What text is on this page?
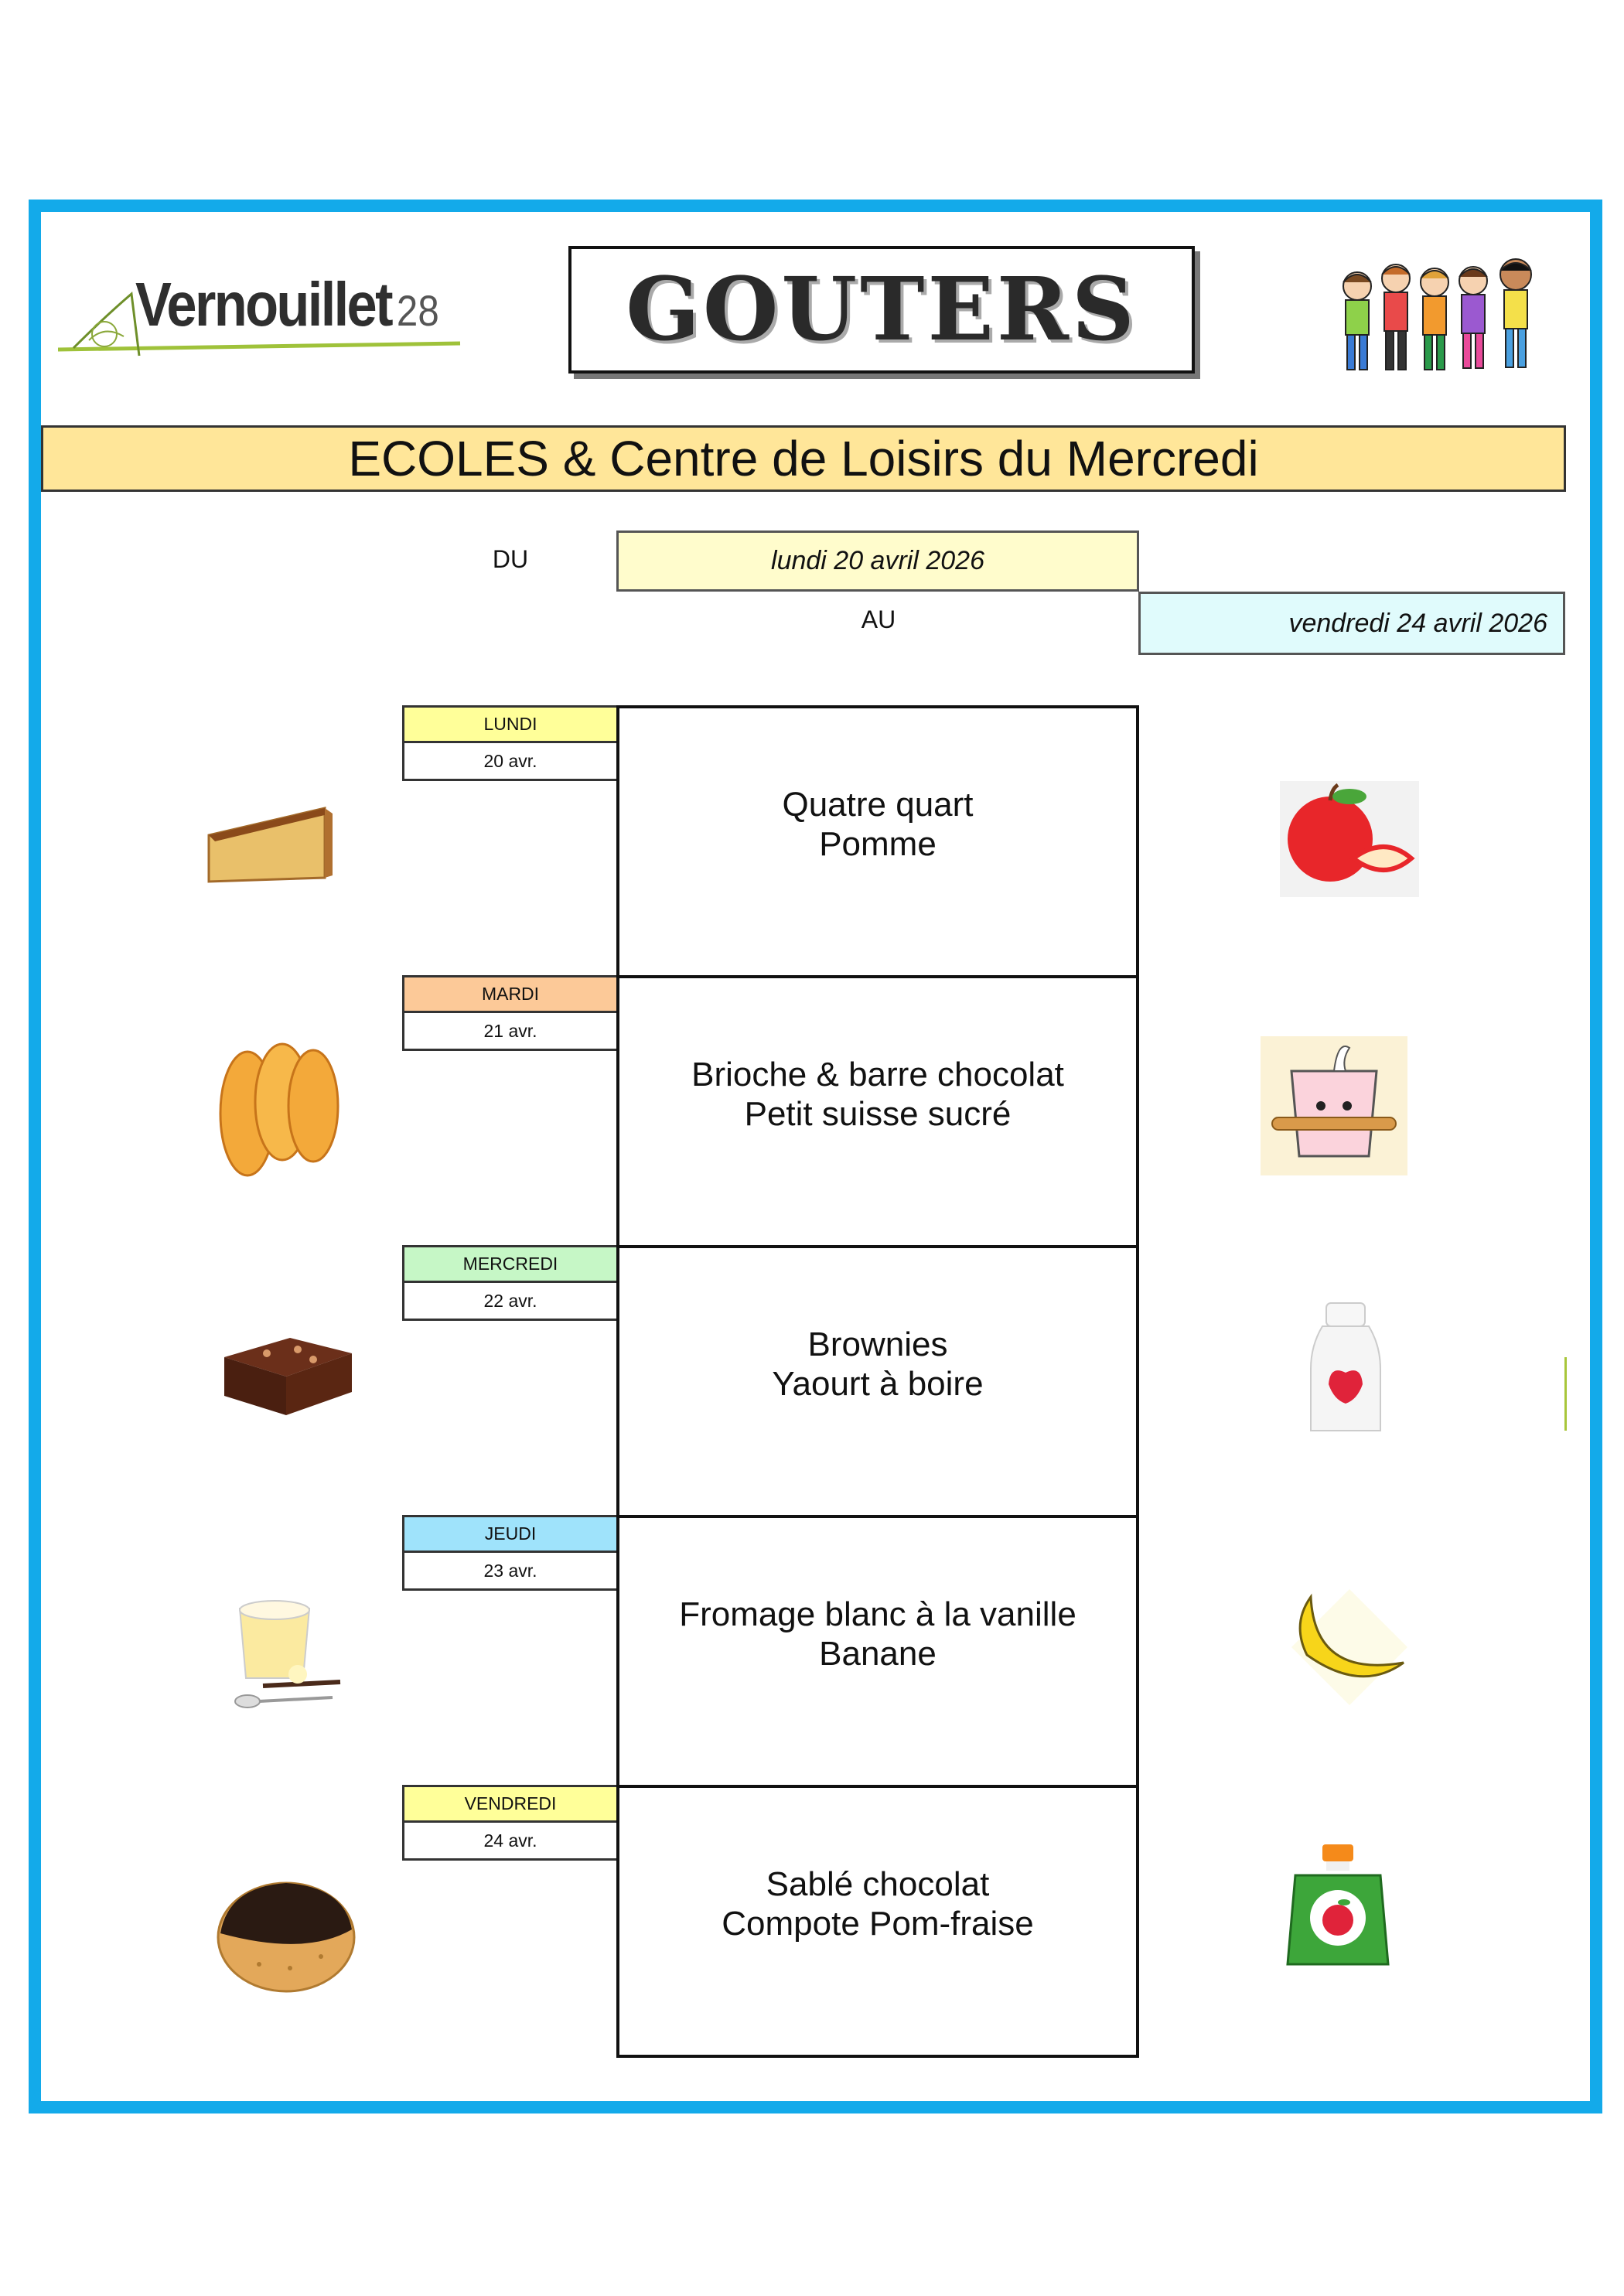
Vernouillet 28 GOUTERS
ECOLES & Centre de Loisirs du Mercredi
DU	lundi 20 avril 2026
AU	vendredi 24 avril 2026
LUNDI
20 avr.
Quatre quart
Pomme
MARDI
21 avr.
Brioche & barre chocolat
Petit suisse sucré
MERCREDI
22 avr.
Brownies
Yaourt à boire
JEUDI
23 avr.
Fromage blanc à la vanille
Banane
VENDREDI
24 avr.
Sablé chocolat
Compote Pom-fraise
